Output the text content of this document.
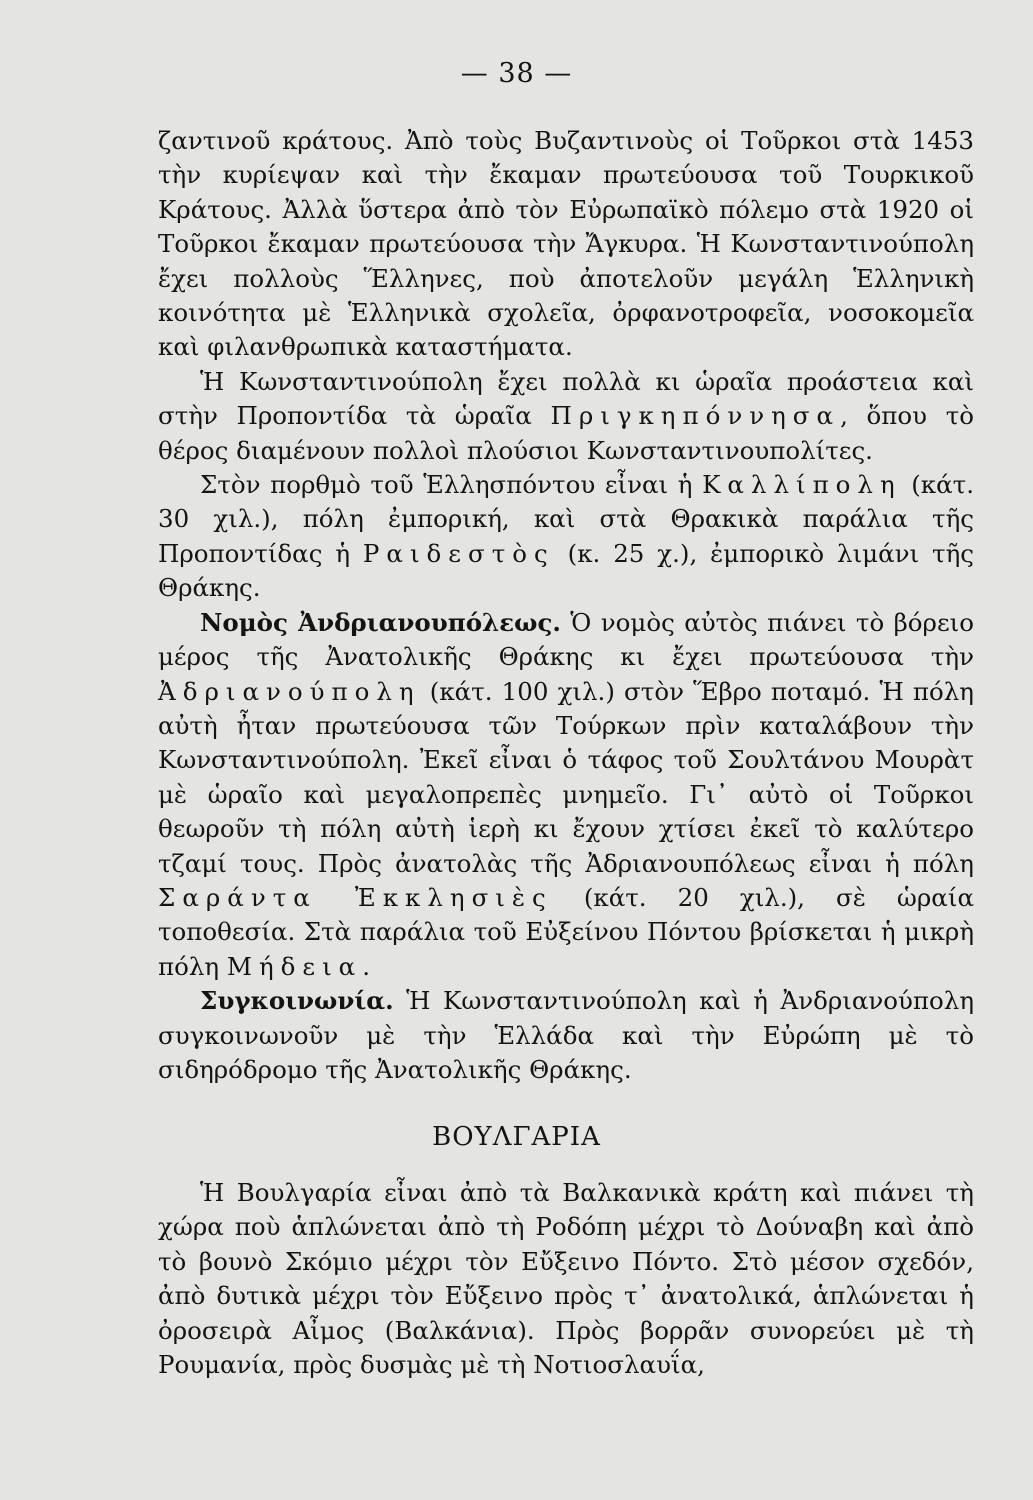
— 38 —

ζαντινοῦ κράτους. Ἀπὸ τοὺς Βυζαντινοὺς οἱ Τοῦρκοι στὰ 1453 τὴν κυρίεψαν καὶ τὴν ἔκαμαν πρωτεύουσα τοῦ Τουρκικοῦ Κράτους. Ἀλλὰ ὕστερα ἀπὸ τὸν Εὐρωπαϊκὸ πόλεμο στὰ 1920 οἱ Τοῦρκοι ἔκαμαν πρωτεύουσα τὴν Ἄγκυρα. Ἡ Κωνσταντινούπολη ἔχει πολλοὺς Ἕλληνες, ποὺ ἀποτελοῦν μεγάλη Ἑλληνικὴ κοινότητα μὲ Ἑλληνικὰ σχολεῖα, ὀρφανοτροφεῖα, νοσοκομεῖα καὶ φιλανθρωπικὰ καταστήματα.

Ἡ Κωνσταντινούπολη ἔχει πολλὰ κι ὡραῖα προάστεια καὶ στὴν Προποντίδα τὰ ὡραῖα Πριγκηπόννησα, ὅπου τὸ θέρος διαμένουν πολλοὶ πλούσιοι Κωνσταντινουπολίτες.

Στὸν πορθμὸ τοῦ Ἑλλησπόντου εἶναι ἡ Καλλίπολη (κάτ. 30 χιλ.), πόλη ἐμπορική, καὶ στὰ Θρακικὰ παράλια τῆς Προποντίδας ἡ Ραιδεστὸς (κ. 25 χ.), ἐμπορικὸ λιμάνι τῆς Θράκης.

Νομὸς Ἀνδριανουπόλεως. Ὁ νομὸς αὐτὸς πιάνει τὸ βόρειο μέρος τῆς Ἀνατολικῆς Θράκης κι ἔχει πρωτεύουσα τὴν Ἀδριανούπολη (κάτ. 100 χιλ.) στὸν Ἕβρο ποταμό. Ἡ πόλη αὐτὴ ἦταν πρωτεύουσα τῶν Τούρκων πρὶν καταλάβουν τὴν Κωνσταντινούπολη. Ἐκεῖ εἶναι ὁ τάφος τοῦ Σουλτάνου Μουρὰτ μὲ ὡραῖο καὶ μεγαλοπρεπὲς μνημεῖο. Γι᾿ αὐτὸ οἱ Τοῦρκοι θεωροῦν τὴ πόλη αὐτὴ ἱερὴ κι ἔχουν χτίσει ἐκεῖ τὸ καλύτερο τζαμί τους. Πρὸς ἀνατολὰς τῆς Ἀδριανουπόλεως εἶναι ἡ πόλη Σαράντα Ἐκκλησιὲς (κάτ. 20 χιλ.), σὲ ὡραία τοποθεσία. Στὰ παράλια τοῦ Εὐξείνου Πόντου βρίσκεται ἡ μικρὴ πόλη Μήδεια.

Συγκοινωνία. Ἡ Κωνσταντινούπολη καὶ ἡ Ἀνδριανούπολη συγκοινωνοῦν μὲ τὴν Ἑλλάδα καὶ τὴν Εὐρώπη μὲ τὸ σιδηρόδρομο τῆς Ἀνατολικῆς Θράκης.

ΒΟΥΛΓΑΡΙΑ

Ἡ Βουλγαρία εἶναι ἀπὸ τὰ Βαλκανικὰ κράτη καὶ πιάνει τὴ χώρα ποὺ ἁπλώνεται ἀπὸ τὴ Ροδόπη μέχρι τὸ Δούναβη καὶ ἀπὸ τὸ βουνὸ Σκόμιο μέχρι τὸν Εὔξεινο Πόντο. Στὸ μέσον σχεδόν, ἀπὸ δυτικὰ μέχρι τὸν Εὔξεινο πρὸς τ᾿ ἀνατολικά, ἁπλώνεται ἡ ὀροσειρὰ Αἶμος (Βαλκάνια). Πρὸς βορρᾶν συνορεύει μὲ τὴ Ρουμανία, πρὸς δυσμὰς μὲ τὴ Νοτιοσλαυΐα,
